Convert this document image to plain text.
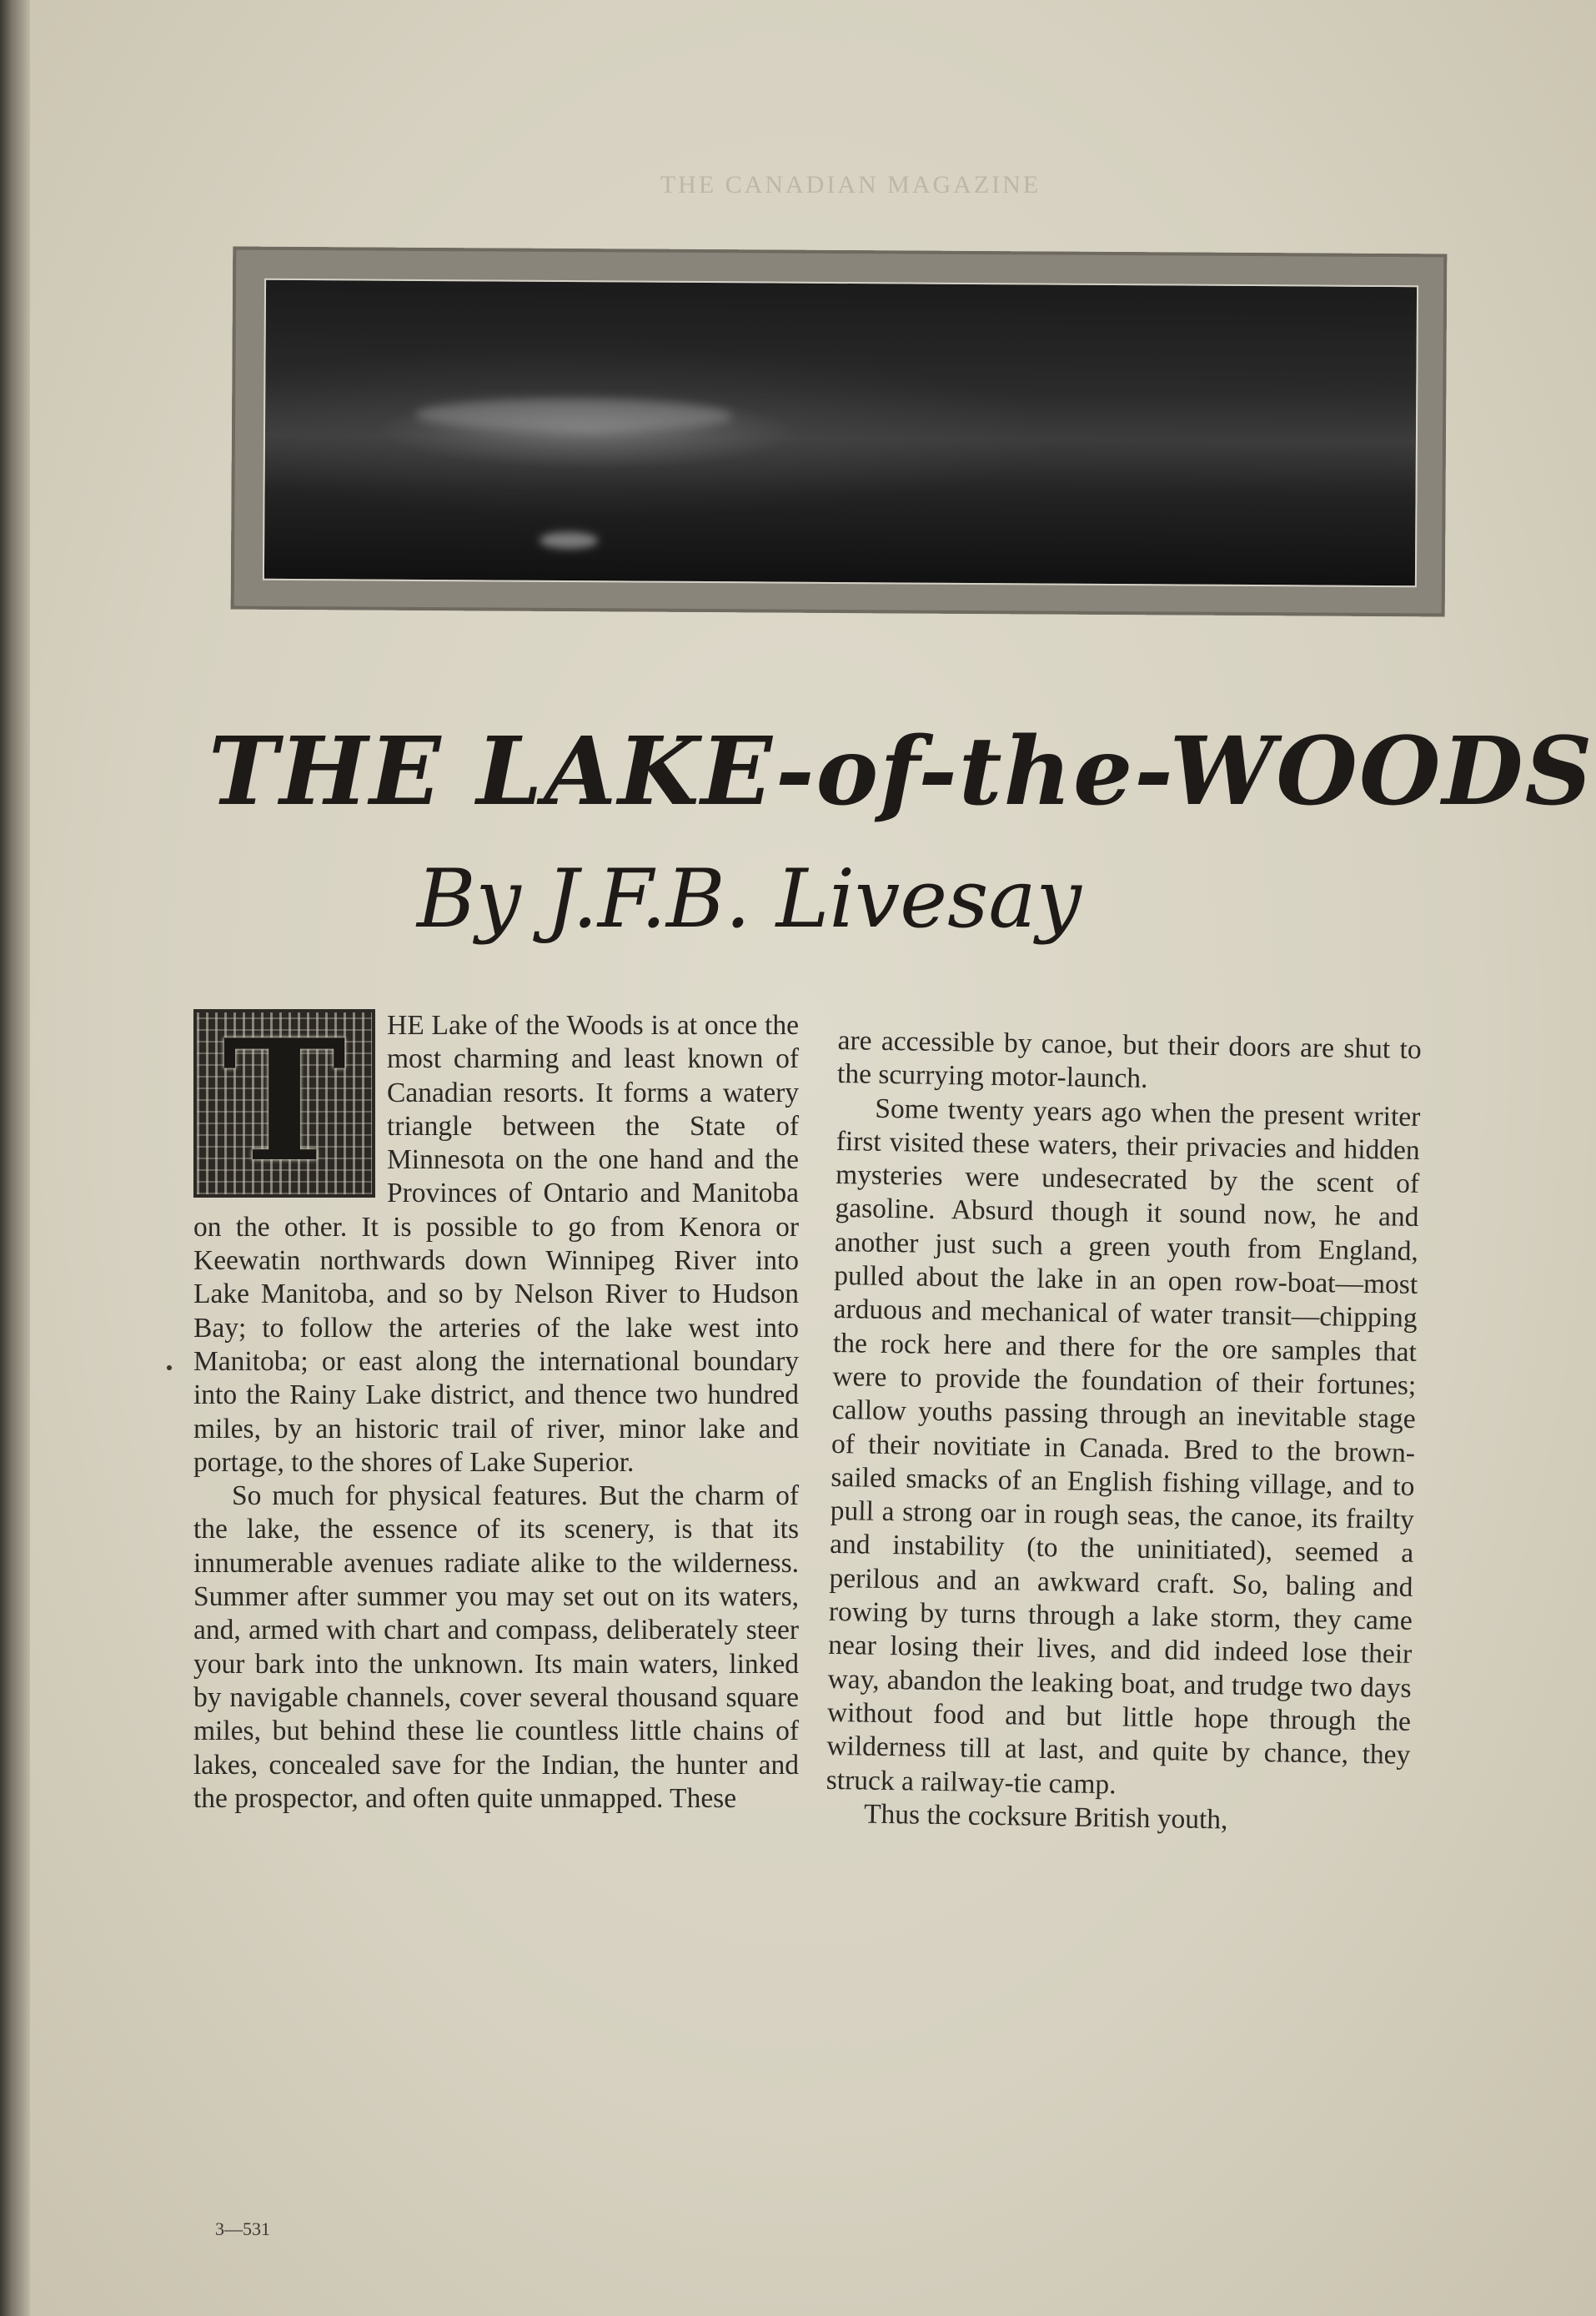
THE CANADIAN MAGAZINE
THE LAKE-of-the-WOODS
By J.F.B. Livesay
T	HE Lake of the Woods is at once the most charming and least known of Canadian resorts. It forms a watery triangle between the State of Minnesota on the one hand and the Provinces of Ontario and Manitoba on the other. It is possible to go from Kenora or Keewatin northwards down Winnipeg River into Lake Manitoba, and so by Nelson River to Hudson Bay; to follow the arteries of the lake west into Manitoba; or east along the international boundary into the Rainy Lake district, and thence two hundred miles, by an historic trail of river, minor lake and portage, to the shores of Lake Superior.

So much for physical features. But the charm of the lake, the essence of its scenery, is that its innumerable avenues radiate alike to the wilderness. Summer after summer you may set out on its waters, and, armed with chart and compass, deliberately steer your bark into the unknown. Its main waters, linked by navigable channels, cover several thousand square miles, but behind these lie countless little chains of lakes, concealed save for the Indian, the hunter and the prospector, and often quite unmapped. These

are accessible by canoe, but their doors are shut to the scurrying motor-launch.

Some twenty years ago when the present writer first visited these waters, their privacies and hidden mysteries were undesecrated by the scent of gasoline. Absurd though it sound now, he and another just such a green youth from England, pulled about the lake in an open row-boat—most arduous and mechanical of water transit—chipping the rock here and there for the ore samples that were to provide the foundation of their fortunes; callow youths passing through an inevitable stage of their novitiate in Canada. Bred to the brown-sailed smacks of an English fishing village, and to pull a strong oar in rough seas, the canoe, its frailty and instability (to the uninitiated), seemed a perilous and an awkward craft. So, baling and rowing by turns through a lake storm, they came near losing their lives, and did indeed lose their way, abandon the leaking boat, and trudge two days without food and but little hope through the wilderness till at last, and quite by chance, they struck a railway-tie camp.

Thus the cocksure British youth,

3—531
